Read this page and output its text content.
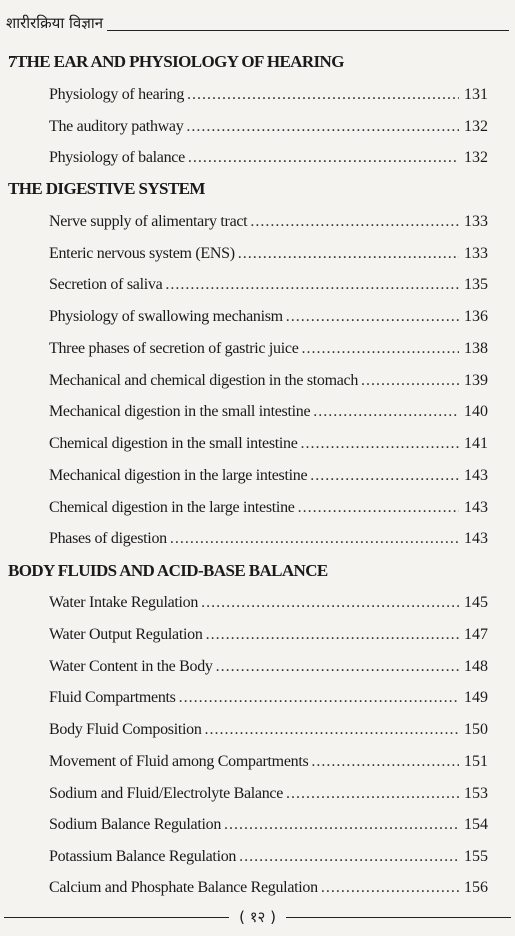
शारीरक्रिया विज्ञान
7THE EAR AND PHYSIOLOGY OF HEARING
Physiology of hearing .....	131
The auditory pathway .....	132
Physiology of balance .....	132
THE DIGESTIVE SYSTEM
Nerve supply of alimentary tract .....	133
Enteric nervous system (ENS) .....	133
Secretion of saliva .....	135
Physiology of swallowing mechanism .....	136
Three phases of secretion of gastric juice .....	138
Mechanical and chemical digestion in the stomach .....	139
Mechanical digestion in the small intestine .....	140
Chemical digestion in the small intestine .....	141
Mechanical digestion in the large intestine .....	143
Chemical digestion in the large intestine .....	143
Phases of digestion .....	143
BODY FLUIDS AND ACID-BASE BALANCE
Water Intake Regulation .....	145
Water Output Regulation .....	147
Water Content in the Body .....	148
Fluid Compartments .....	149
Body Fluid Composition .....	150
Movement of Fluid among Compartments .....	151
Sodium and Fluid/Electrolyte Balance .....	153
Sodium Balance Regulation .....	154
Potassium Balance Regulation .....	155
Calcium and Phosphate Balance Regulation .....	156
( १२ )
